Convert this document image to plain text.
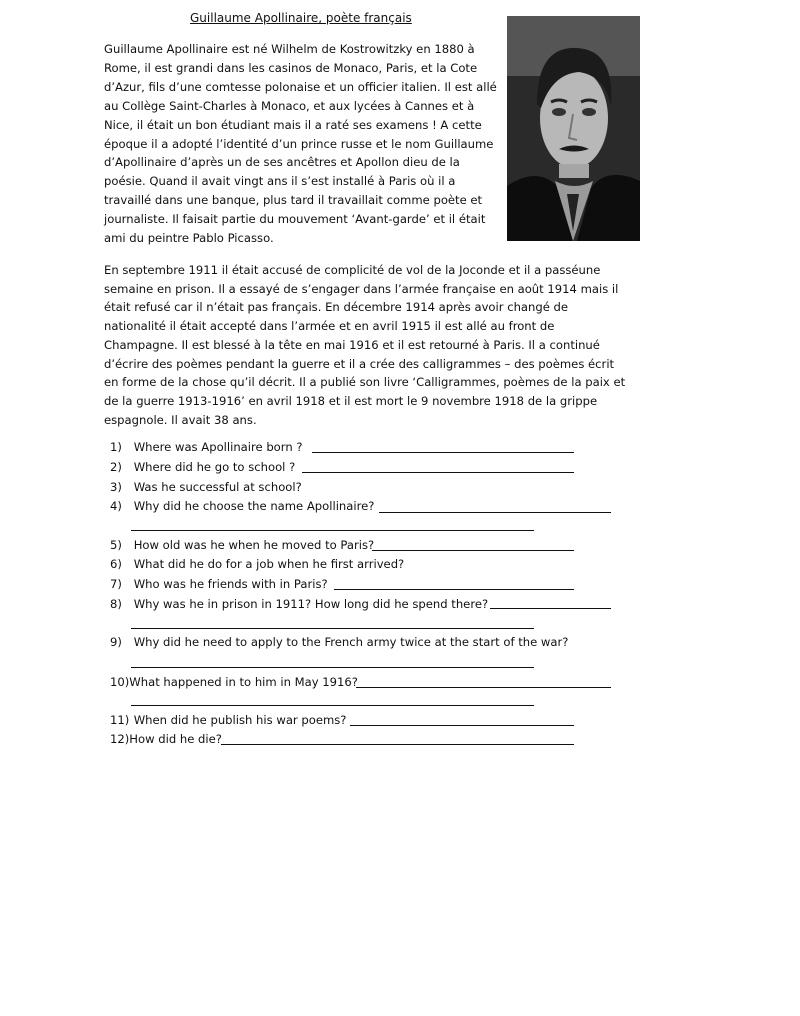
Guillaume Apollinaire, poète français
Guillaume Apollinaire est né Wilhelm de Kostrowitzky en 1880 à Rome, il est grandi dans les casinos de Monaco, Paris, et la Cote d’Azur, fils d’une comtesse polonaise et un officier italien. Il est allé au Collège Saint-Charles à Monaco, et aux lycées à Cannes et à Nice, il était un bon étudiant mais il a raté ses examens ! A cette époque il a adopté l’identité d’un prince russe et le nom Guillaume d’Apollinaire d’après un de ses ancêtres et Apollon dieu de la poésie. Quand il avait vingt ans il s’est installé à Paris où il a travaillé dans une banque, plus tard il travaillait comme poète et journaliste. Il faisait partie du mouvement ‘Avant-garde’ et il était ami du peintre Pablo Picasso.
En septembre 1911 il était accusé de complicité de vol de la Joconde et il a passéune semaine en prison. Il a essayé de s’engager dans l’armée française en août 1914 mais il était refusé car il n’était pas français. En décembre 1914 après avoir changé de nationalité il était accepté dans l’armée et en avril 1915 il est allé au front de Champagne. Il est blessé à la tête en mai 1916 et il est retourné à Paris. Il a continué d’écrire des poèmes pendant la guerre et il a crée des calligrammes – des poèmes écrit en forme de la chose qu’il décrit. Il a publié son livre ‘Calligrammes, poèmes de la paix et de la guerre 1913-1916’ en avril 1918 et il est mort le 9 novembre 1918 de la grippe espagnole. Il avait 38 ans.
1) Where was Apollinaire born ?
2) Where did he go to school ?
3) Was he successful at school?
4) Why did he choose the name Apollinaire?
5) How old was he when he moved to Paris?
6) What did he do for a job when he first arrived?
7) Who was he friends with in Paris?
8) Why was he in prison in 1911? How long did he spend there?
9) Why did he need to apply to the French army twice at the start of the war?
10)What happened in to him in May 1916?
11) When did he publish his war poems?
12)How did he die?
